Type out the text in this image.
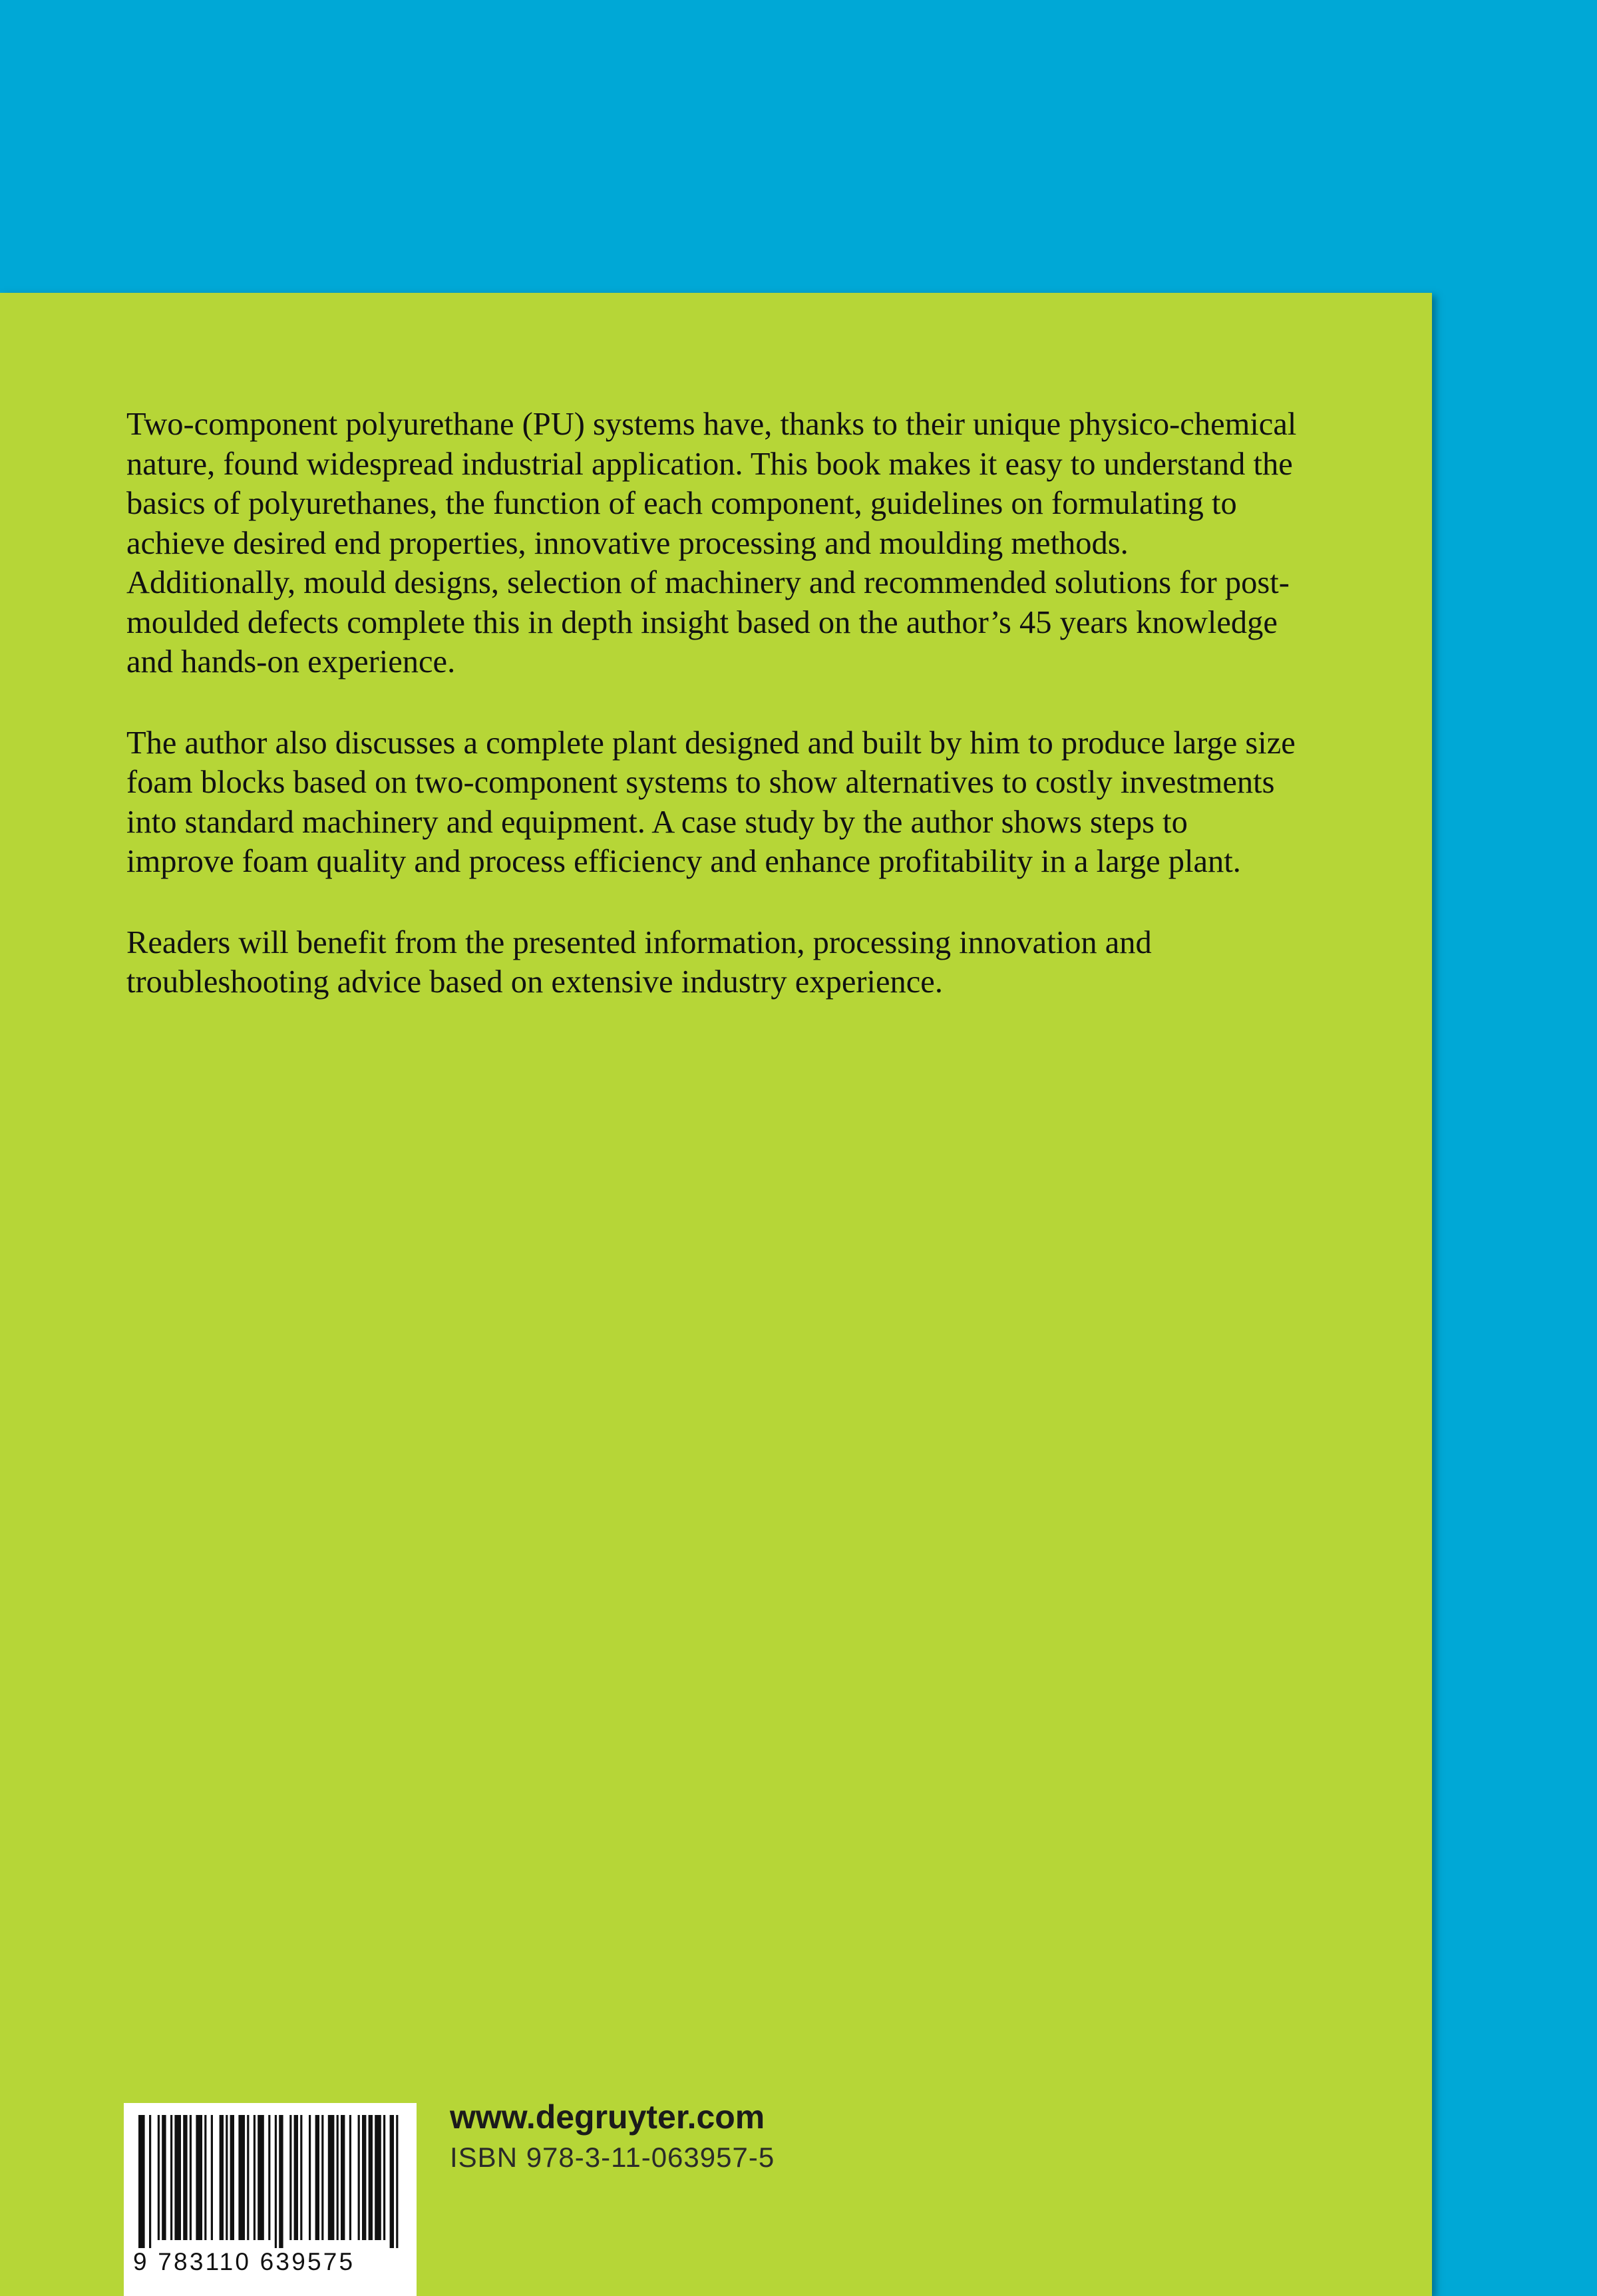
Two-component polyurethane (PU) systems have, thanks to their unique physico-chemical nature, found widespread industrial application. This book makes it easy to understand the basics of polyurethanes, the function of each component, guidelines on formulating to achieve desired end properties, innovative processing and moulding methods. Additionally, mould designs, selection of machinery and recommended solutions for post-moulded defects complete this in depth insight based on the author’s 45 years knowledge and hands-on experience.

The author also discusses a complete plant designed and built by him to produce large size foam blocks based on two-component systems to show alternatives to costly investments into standard machinery and equipment. A case study by the author shows steps to improve foam quality and process efficiency and enhance profitability in a large plant.

Readers will benefit from the presented information, processing innovation and troubleshooting advice based on extensive industry experience.

9 783110 639575
www.degruyter.com
ISBN 978-3-11-063957-5
